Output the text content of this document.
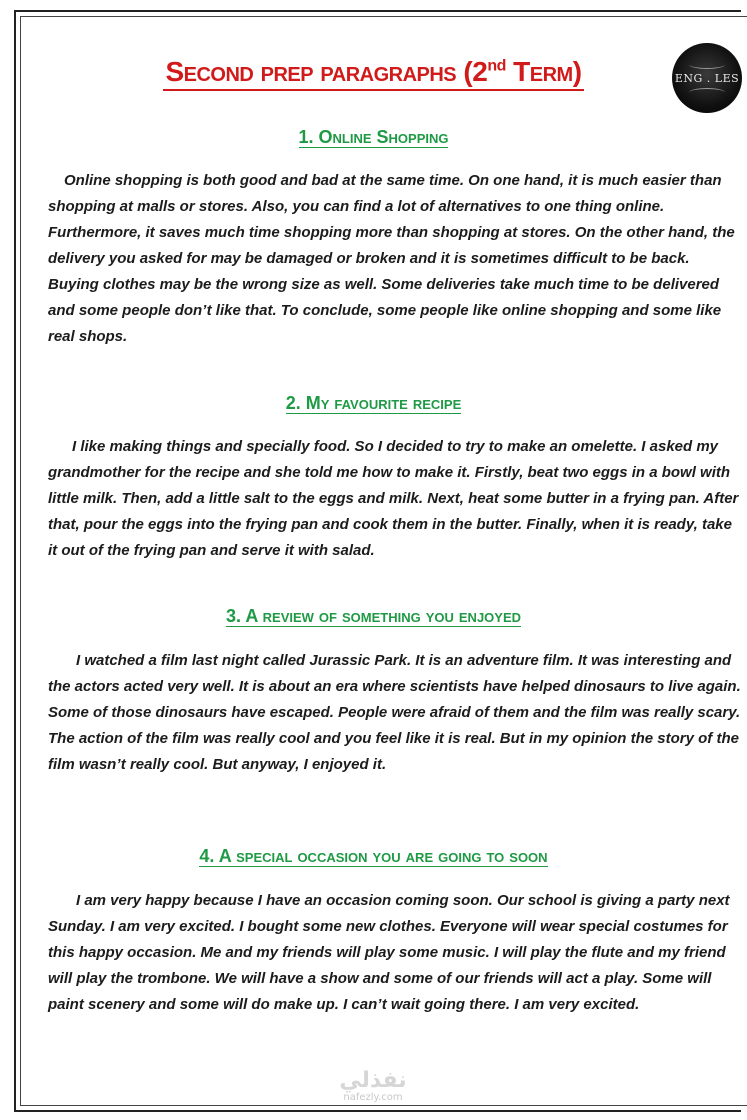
Second prep paragraphs (2nd Term)	ENG . LES
1. Online Shopping

Online shopping is both good and bad at the same time. On one hand, it is much easier than shopping at malls or stores. Also, you can find a lot of alternatives to one thing online. Furthermore, it saves much time shopping more than shopping at stores. On the other hand, the delivery you asked for may be damaged or broken and it is sometimes difficult to be back. Buying clothes may be the wrong size as well. Some deliveries take much time to be delivered and some people don’t like that. To conclude, some people like online shopping and some like real shops.

2. My favourite recipe

I like making things and specially food. So I decided to try to make an omelette. I asked my grandmother for the recipe and she told me how to make it. Firstly, beat two eggs in a bowl with little milk. Then, add a little salt to the eggs and milk. Next, heat some butter in a frying pan. After that, pour the eggs into the frying pan and cook them in the butter. Finally, when it is ready, take it out of the frying pan and serve it with salad.

3. A review of something you enjoyed

I watched a film last night called Jurassic Park. It is an adventure film. It was interesting and the actors acted very well. It is about an era where scientists have helped dinosaurs to live again. Some of those dinosaurs have escaped. People were afraid of them and the film was really scary. The action of the film was really cool and you feel like it is real. But in my opinion the story of the film wasn’t really cool. But anyway, I enjoyed it.

4. A special occasion you are going to soon

I am very happy because I have an occasion coming soon. Our school is giving a party next Sunday. I am very excited. I bought some new clothes. Everyone will wear special costumes for this happy occasion. Me and my friends will play some music. I will play the flute and my friend will play the trombone. We will have a show and some of our friends will act a play. Some will paint scenery and some will do make up. I can’t wait going there. I am very excited.

نفذلي
nafezly.com
